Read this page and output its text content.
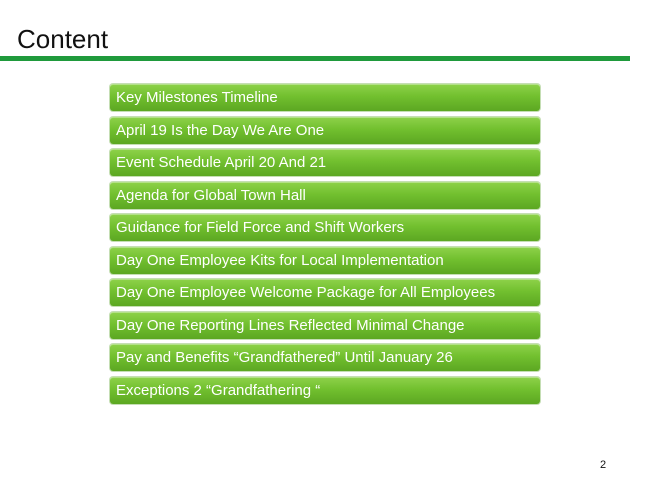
Content
Key Milestones Timeline
April 19 Is the Day We Are One
Event Schedule April 20 And 21
Agenda for Global Town Hall
Guidance for Field Force and Shift Workers
Day One Employee Kits for Local Implementation
Day One Employee Welcome Package for All Employees
Day One Reporting Lines Reflected Minimal Change
Pay and Benefits “Grandfathered” Until January 26
Exceptions 2 “Grandfathering “
2
